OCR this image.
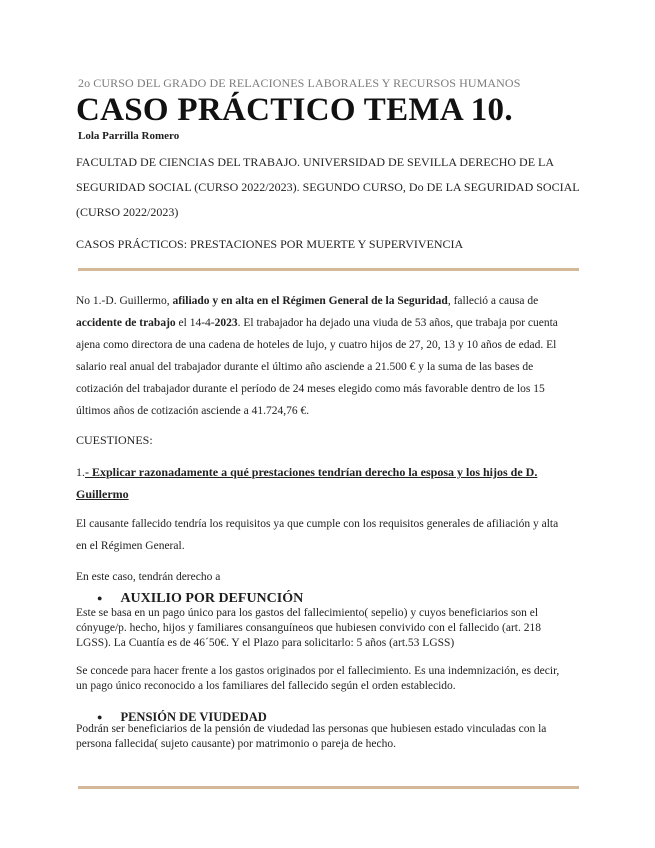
2o CURSO DEL GRADO DE RELACIONES LABORALES Y RECURSOS HUMANOS
CASO PRÁCTICO TEMA 10.
Lola Parrilla Romero
FACULTAD DE CIENCIAS DEL TRABAJO. UNIVERSIDAD DE SEVILLA DERECHO DE LA
SEGURIDAD SOCIAL (CURSO 2022/2023). SEGUNDO CURSO, Do DE LA SEGURIDAD SOCIAL
(CURSO 2022/2023)
CASOS PRÁCTICOS: PRESTACIONES POR MUERTE Y SUPERVIVENCIA
No 1.-D. Guillermo, afiliado y en alta en el Régimen General de la Seguridad, falleció a causa de
accidente de trabajo el 14-4-2023. El trabajador ha dejado una viuda de 53 años, que trabaja por cuenta
ajena como directora de una cadena de hoteles de lujo, y cuatro hijos de 27, 20, 13 y 10 años de edad. El
salario real anual del trabajador durante el último año asciende a 21.500 € y la suma de las bases de
cotización del trabajador durante el período de 24 meses elegido como más favorable dentro de los 15
últimos años de cotización asciende a 41.724,76 €.
CUESTIONES:
1.- Explicar razonadamente a qué prestaciones tendrían derecho la esposa y los hijos de D.
Guillermo
El causante fallecido tendría los requisitos ya que cumple con los requisitos generales de afiliación y alta
en el Régimen General.
En este caso, tendrán derecho a
● AUXILIO POR DEFUNCIÓN
Este se basa en un pago único para los gastos del fallecimiento( sepelio) y cuyos beneficiarios son el
cónyuge/p. hecho, hijos y familiares consanguíneos que hubiesen convivido con el fallecido (art. 218
LGSS). La Cuantía es de 46´50€. Y el Plazo para solicitarlo: 5 años (art.53 LGSS)
Se concede para hacer frente a los gastos originados por el fallecimiento. Es una indemnización, es decir,
un pago único reconocido a los familiares del fallecido según el orden establecido.
● PENSIÓN DE VIUDEDAD
Podrán ser beneficiarios de la pensión de viudedad las personas que hubiesen estado vinculadas con la
persona fallecida( sujeto causante) por matrimonio o pareja de hecho.
